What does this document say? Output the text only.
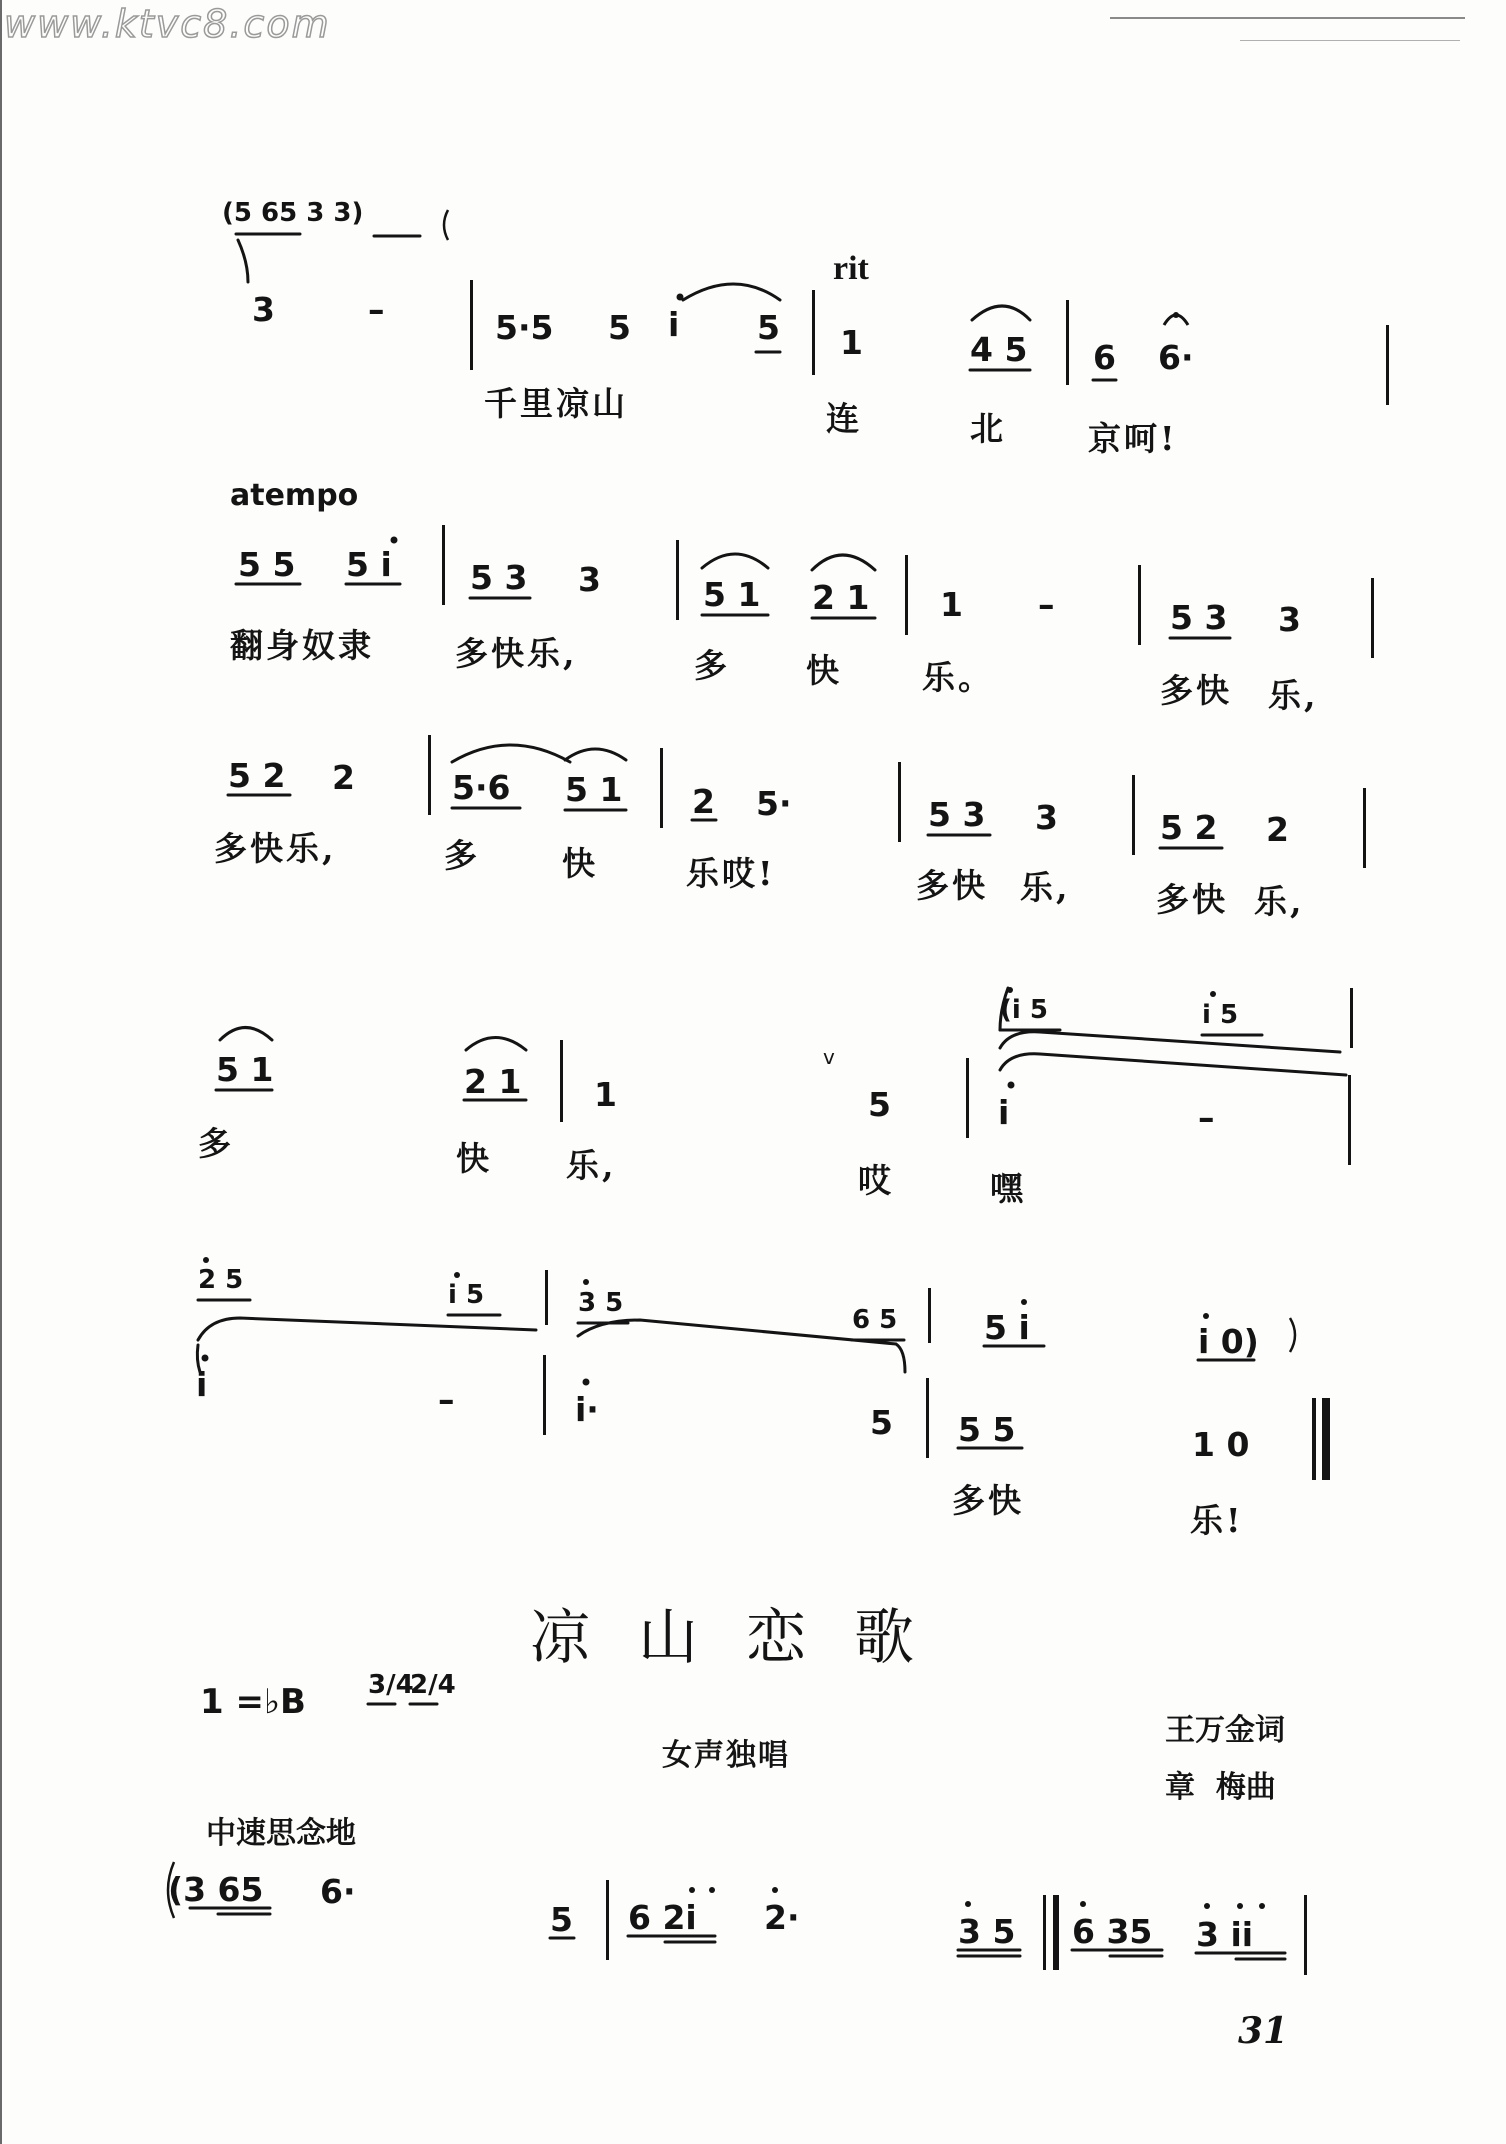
www.ktvc8.com
(5 65 3 3)
rit
3	–	5·5 5 i 5 1	4 5 6 6·
千里凉山	连	北 京呵!
atempo
5 5 5 i 5 3 3	5 1 2 1 1 –	5 3 3
翻身奴隶 多快乐,	多 快 乐。	多快 乐,
5 2 2	5·6 5 1 2 5·	5 3 3	5 2 2
多快乐,	多 快	乐哎!	多快 乐,	多快 乐,
(i 5	i 5
5 1	2 1 1
v
5	i	–
多	快 乐,	哎	嘿
2 5	i 5	3 5
6 5	5 i	i 0)
i	–	i·	5 5 5	1 0
多快
乐!
凉山恋歌
1 =♭B 3/4
2/4
女声独唱
王万金词
章  梅曲
中速思念地
(3 65 6·
5 6 2i 2·	3 5 6 35 3 ii
31
